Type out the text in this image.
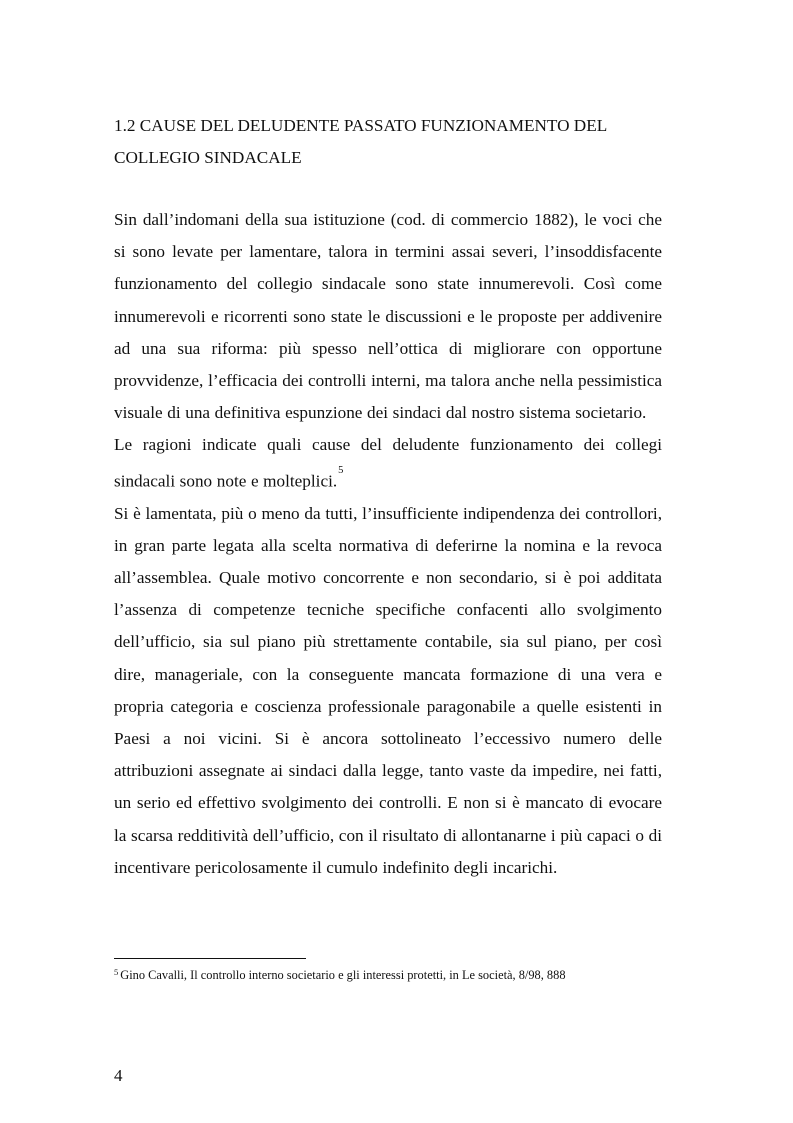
1.2 CAUSE DEL DELUDENTE PASSATO FUNZIONAMENTO DEL COLLEGIO SINDACALE

Sin dall’indomani della sua istituzione (cod. di commercio 1882), le voci che si sono levate per lamentare, talora in termini assai severi, l’insoddisfacente funzionamento del collegio sindacale sono state innumerevoli. Così come innumerevoli e ricorrenti sono state le discussioni e le proposte per addivenire ad una sua riforma: più spesso nell’ottica di migliorare con opportune provvidenze, l’efficacia dei controlli interni, ma talora anche nella pessimistica visuale di una definitiva espunzione dei sindaci dal nostro sistema societario.

Le ragioni indicate quali cause del deludente funzionamento dei collegi sindacali sono note e molteplici.$^5$

Si è lamentata, più o meno da tutti, l’insufficiente indipendenza dei controllori, in gran parte legata alla scelta normativa di deferirne la nomina e la revoca all’assemblea. Quale motivo concorrente e non secondario, si è poi additata l’assenza di competenze tecniche specifiche confacenti allo svolgimento dell’ufficio, sia sul piano più strettamente contabile, sia sul piano, per così dire, manageriale, con la conseguente mancata formazione di una vera e propria categoria e coscienza professionale paragonabile a quelle esistenti in Paesi a noi vicini. Si è ancora sottolineato l’eccessivo numero delle attribuzioni assegnate ai sindaci dalla legge, tanto vaste da impedire, nei fatti, un serio ed effettivo svolgimento dei controlli. E non si è mancato di evocare la scarsa redditività dell’ufficio, con il risultato di allontanarne i più capaci o di incentivare pericolosamente il cumulo indefinito degli incarichi.

$^5$ Gino Cavalli, Il controllo interno societario e gli interessi protetti, in Le società, 8/98, 888

4
